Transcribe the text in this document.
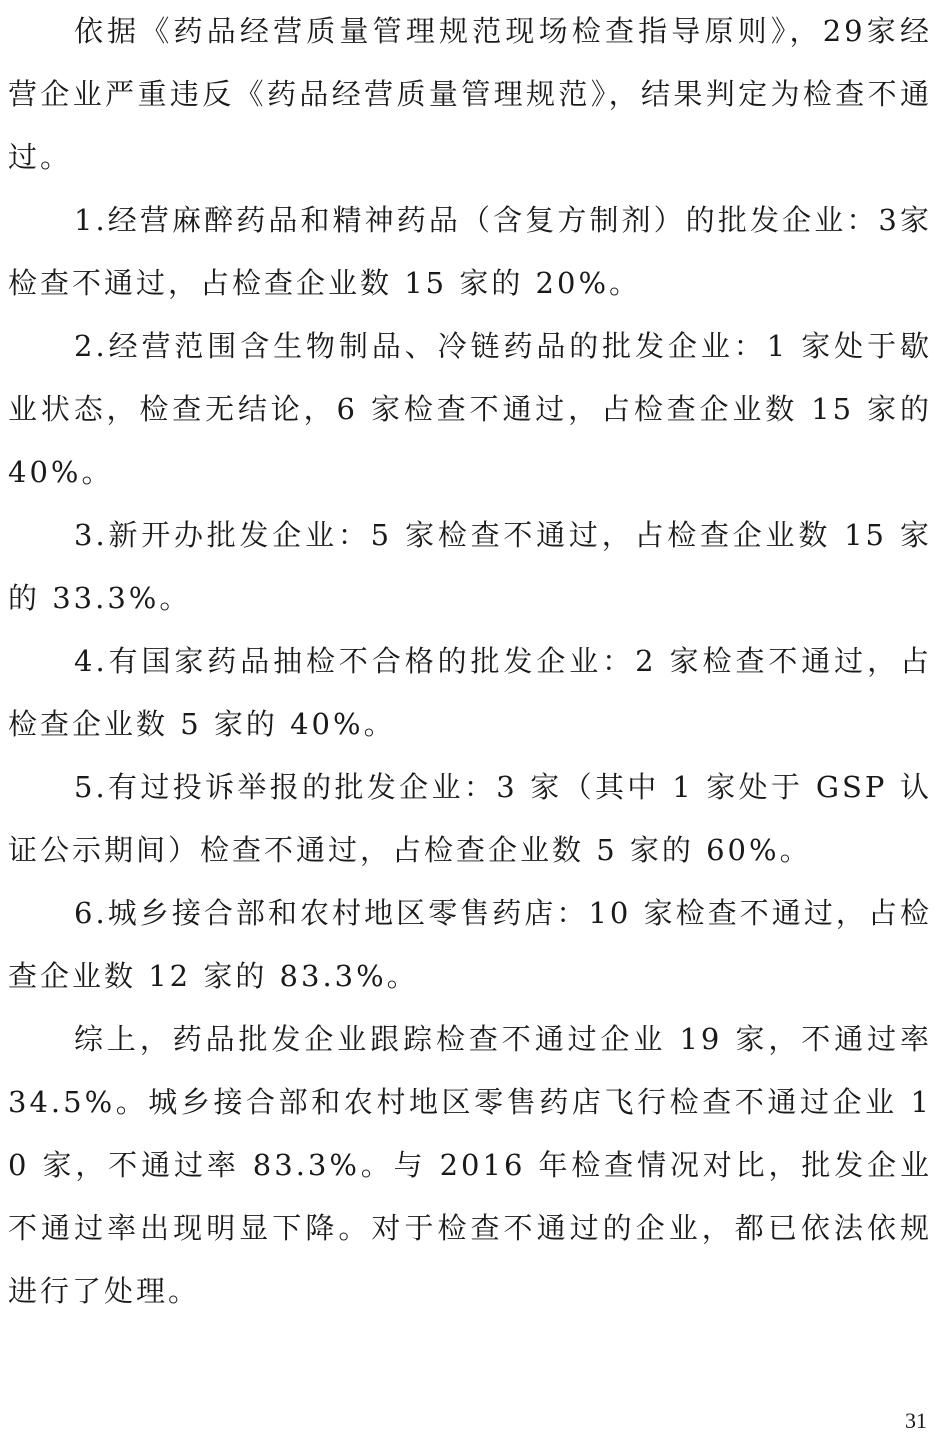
依据《药品经营质量管理规范现场检查指导原则》，29家经营企业严重违反《药品经营质量管理规范》，结果判定为检查不通过。

1.经营麻醉药品和精神药品（含复方制剂）的批发企业：3家检查不通过，占检查企业数 15 家的 20%。

2.经营范围含生物制品、冷链药品的批发企业：1 家处于歇业状态，检查无结论，6 家检查不通过，占检查企业数 15 家的 40%。

3.新开办批发企业：5 家检查不通过，占检查企业数 15 家的 33.3%。

4.有国家药品抽检不合格的批发企业：2 家检查不通过，占检查企业数 5 家的 40%。

5.有过投诉举报的批发企业：3 家（其中 1 家处于 GSP 认证公示期间）检查不通过，占检查企业数 5 家的 60%。

6.城乡接合部和农村地区零售药店：10 家检查不通过，占检查企业数 12 家的 83.3%。

综上，药品批发企业跟踪检查不通过企业 19 家，不通过率 34.5%。城乡接合部和农村地区零售药店飞行检查不通过企业 10 家，不通过率 83.3%。与 2016 年检查情况对比，批发企业不通过率出现明显下降。对于检查不通过的企业，都已依法依规进行了处理。

31
